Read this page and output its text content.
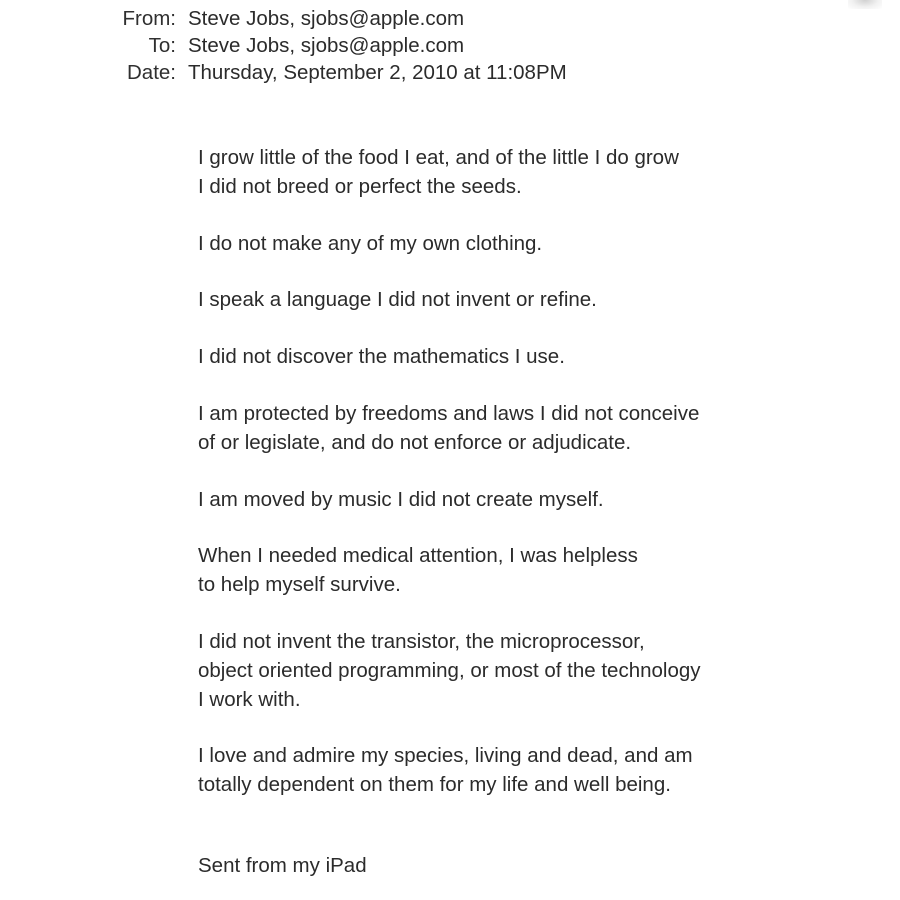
From: Steve Jobs, sjobs@apple.com
To: Steve Jobs, sjobs@apple.com
Date: Thursday, September 2, 2010 at 11:08PM
I grow little of the food I eat, and of the little I do grow
I did not breed or perfect the seeds.
I do not make any of my own clothing.
I speak a language I did not invent or refine.
I did not discover the mathematics I use.
I am protected by freedoms and laws I did not conceive
of or legislate, and do not enforce or adjudicate.
I am moved by music I did not create myself.
When I needed medical attention, I was helpless
to help myself survive.
I did not invent the transistor, the microprocessor,
object oriented programming, or most of the technology
I work with.
I love and admire my species, living and dead, and am
totally dependent on them for my life and well being.
Sent from my iPad
